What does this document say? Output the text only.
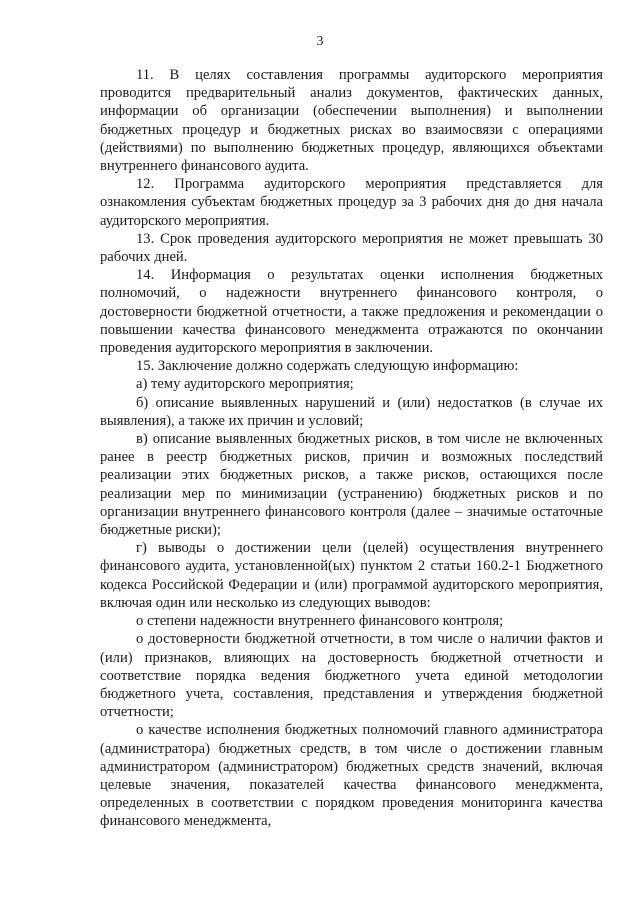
3

11. В целях составления программы аудиторского мероприятия проводится предварительный анализ документов, фактических данных, информации об организации (обеспечении выполнения) и выполнении бюджетных процедур и бюджетных рисках во взаимосвязи с операциями (действиями) по выполнению бюджетных процедур, являющихся объектами внутреннего финансового аудита.

12. Программа аудиторского мероприятия представляется для ознакомления субъектам бюджетных процедур за 3 рабочих дня до дня начала аудиторского мероприятия.

13. Срок проведения аудиторского мероприятия не может превышать 30 рабочих дней.

14. Информация о результатах оценки исполнения бюджетных полномочий, о надежности внутреннего финансового контроля, о достоверности бюджетной отчетности, а также предложения и рекомендации о повышении качества финансового менеджмента отражаются по окончании проведения аудиторского мероприятия в заключении.

15. Заключение должно содержать следующую информацию:

а) тему аудиторского мероприятия;

б) описание выявленных нарушений и (или) недостатков (в случае их выявления), а также их причин и условий;

в) описание выявленных бюджетных рисков, в том числе не включенных ранее в реестр бюджетных рисков, причин и возможных последствий реализации этих бюджетных рисков, а также рисков, остающихся после реализации мер по минимизации (устранению) бюджетных рисков и по организации внутреннего финансового контроля (далее – значимые остаточные бюджетные риски);

г) выводы о достижении цели (целей) осуществления внутреннего финансового аудита, установленной(ых) пунктом 2 статьи 160.2-1 Бюджетного кодекса Российской Федерации и (или) программой аудиторского мероприятия, включая один или несколько из следующих выводов:

о степени надежности внутреннего финансового контроля;

о достоверности бюджетной отчетности, в том числе о наличии фактов и (или) признаков, влияющих на достоверность бюджетной отчетности и соответствие порядка ведения бюджетного учета единой методологии бюджетного учета, составления, представления и утверждения бюджетной отчетности;

о качестве исполнения бюджетных полномочий главного администратора (администратора) бюджетных средств, в том числе о достижении главным администратором (администратором) бюджетных средств значений, включая целевые значения, показателей качества финансового менеджмента, определенных в соответствии с порядком проведения мониторинга качества финансового менеджмента,
